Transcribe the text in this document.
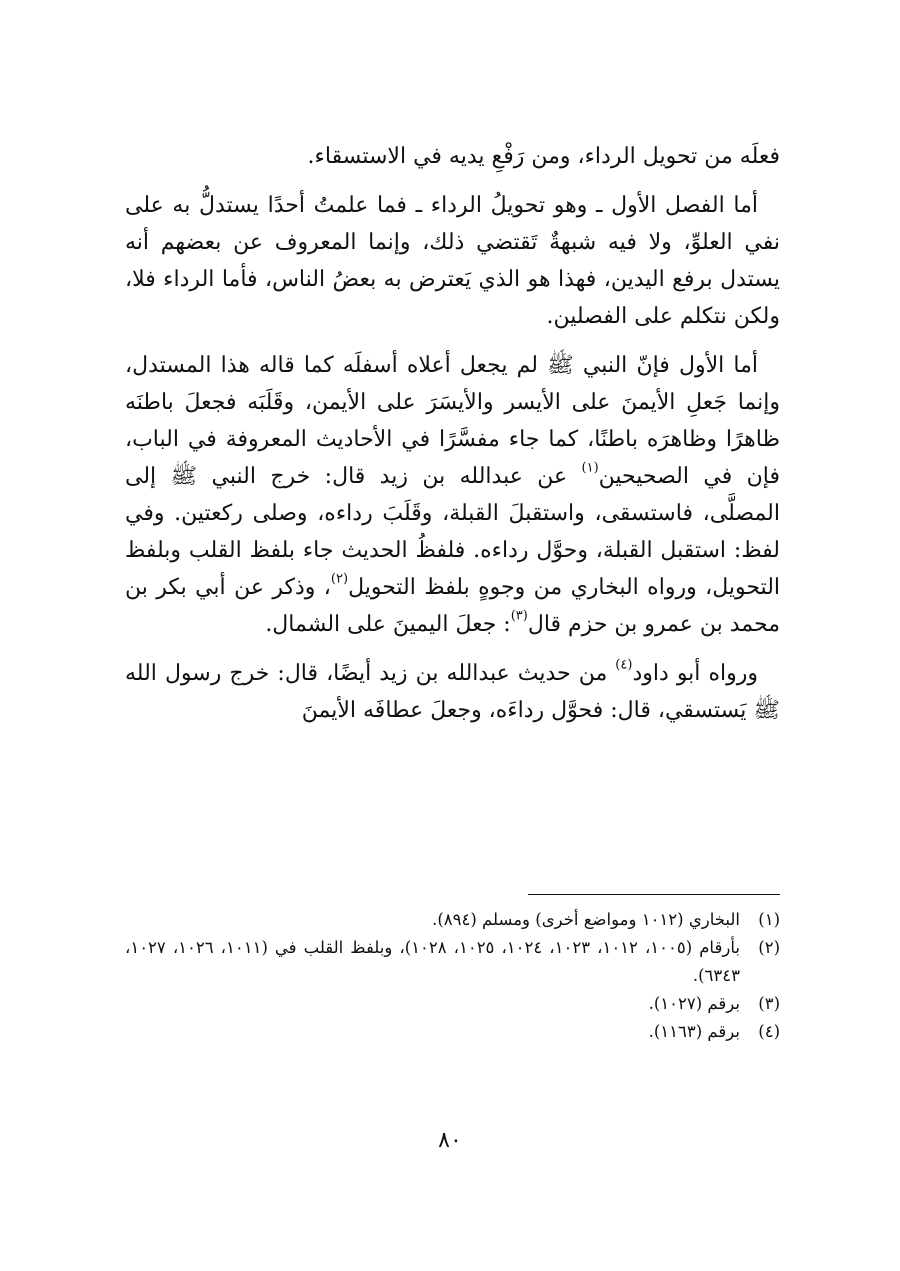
فعلَه من تحويل الرداء، ومن رَفْعِ يديه في الاستسقاء.

أما الفصل الأول ـ وهو تحويلُ الرداء ـ فما علمتُ أحدًا يستدلُّ به على نفي العلوِّ، ولا فيه شبهةٌ تَقتضي ذلك، وإنما المعروف عن بعضهم أنه يستدل برفع اليدين، فهذا هو الذي يَعترض به بعضُ الناس، فأما الرداء فلا، ولكن نتكلم على الفصلين.

أما الأول فإنّ النبي ﷺ لم يجعل أعلاه أسفلَه كما قاله هذا المستدل، وإنما جَعلِ الأيمنَ على الأيسر والأيسَرَ على الأيمن، وقَلَبَه فجعلَ باطنَه ظاهرًا وظاهرَه باطنًا، كما جاء مفسَّرًا في الأحاديث المعروفة في الباب، فإن في الصحيحين$^{(١)}$ عن عبدالله بن زيد قال: خرج النبي ﷺ إلى المصلَّى، فاستسقى، واستقبلَ القبلة، وقَلَبَ رداءه، وصلى ركعتين. وفي لفظ: استقبل القبلة، وحوَّل رداءه. فلفظُ الحديث جاء بلفظ القلب وبلفظ التحويل، ورواه البخاري من وجوهٍ بلفظ التحويل$^{(٢)}$، وذكر عن أبي بكر بن محمد بن عمرو بن حزم قال$^{(٣)}$: جعلَ اليمينَ على الشمال.

ورواه أبو داود$^{(٤)}$ من حديث عبدالله بن زيد أيضًا، قال: خرج رسول الله ﷺ يَستسقي، قال: فحوَّل رداءَه، وجعلَ عطافَه الأيمنَ

(١)
البخاري (١٠١٢ ومواضع أخرى) ومسلم (٨٩٤).
(٢)
بأرقام (١٠٠٥، ١٠١٢، ١٠٢٣، ١٠٢٤، ١٠٢٥، ١٠٢٨)، وبلفظ القلب في (١٠١١، ١٠٢٦، ١٠٢٧، ٦٣٤٣).
(٣)
برقم (١٠٢٧).
(٤)
برقم (١١٦٣).
٨٠
